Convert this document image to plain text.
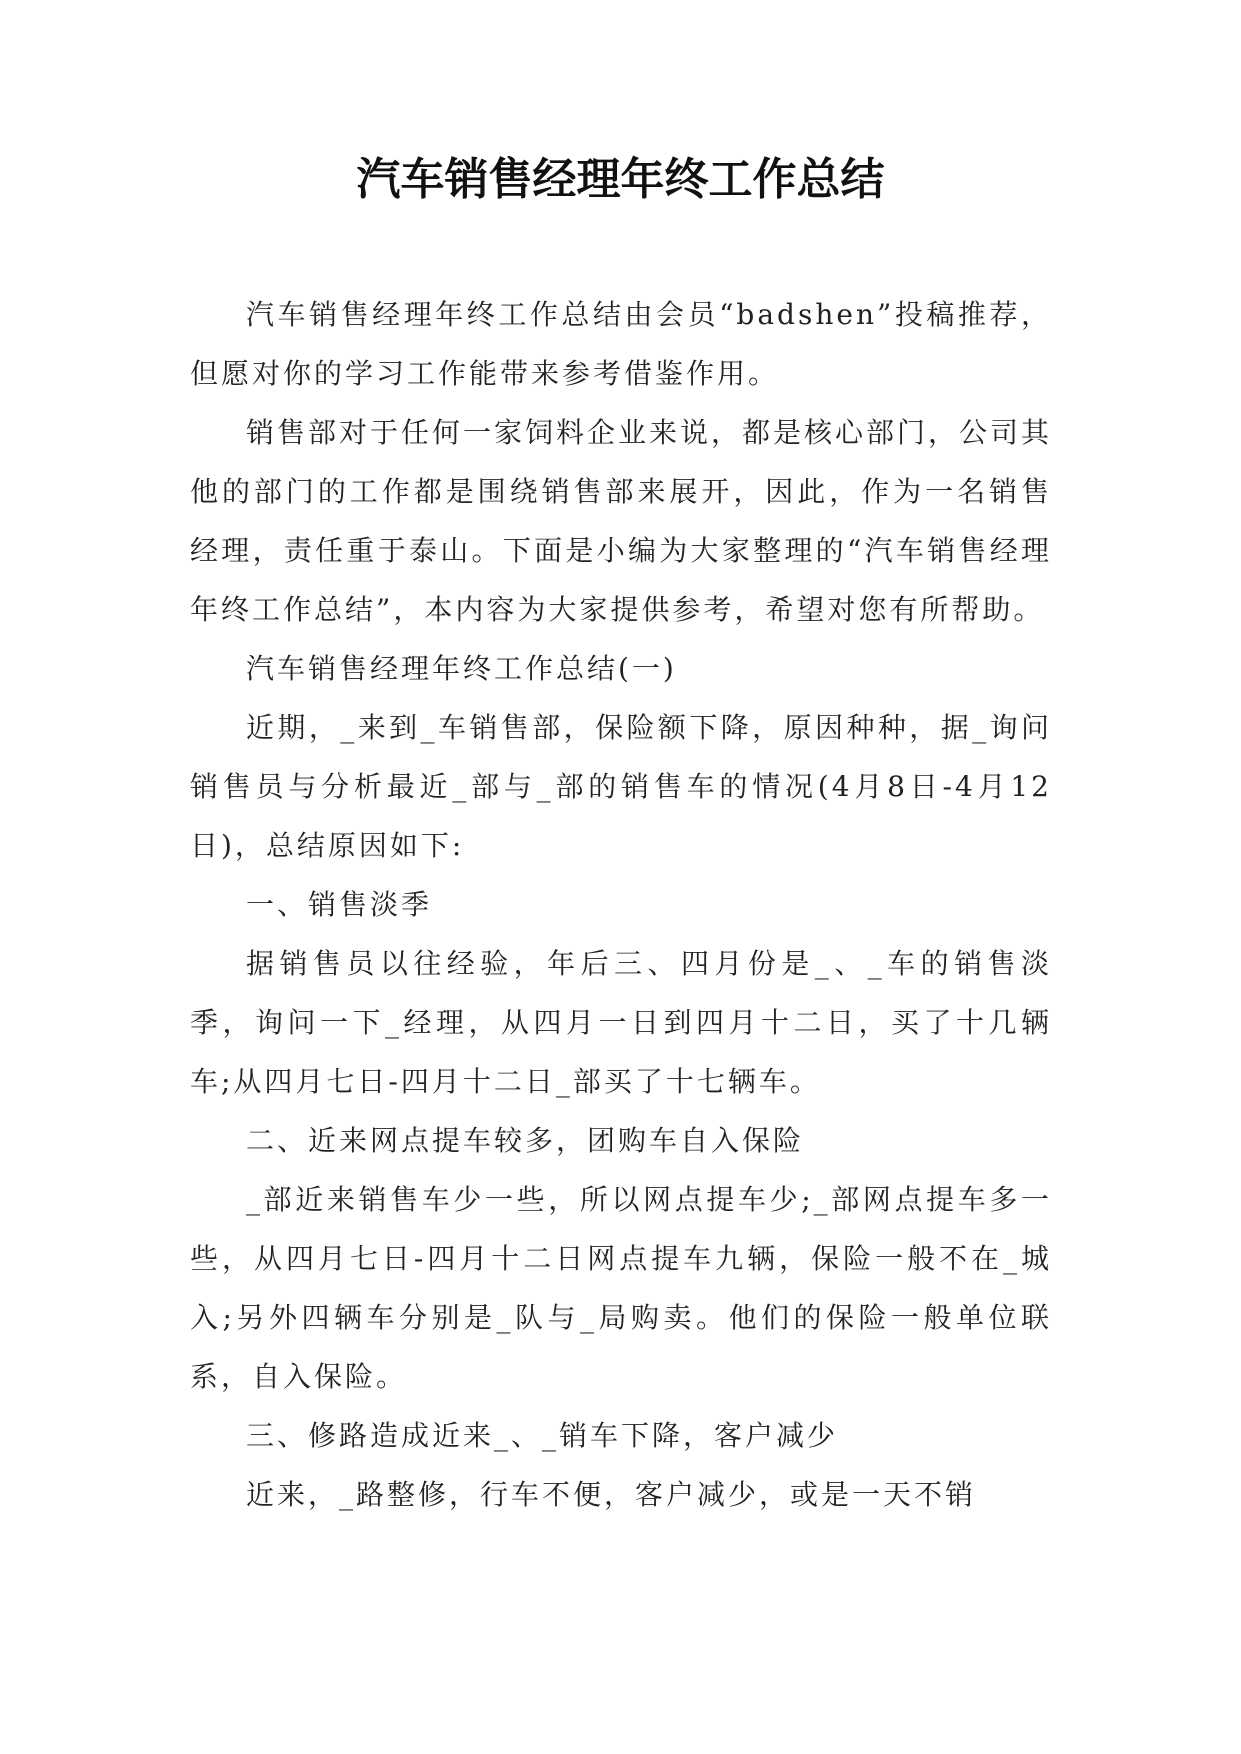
汽车销售经理年终工作总结

汽车销售经理年终工作总结由会员“badshen”投稿推荐，但愿对你的学习工作能带来参考借鉴作用。

销售部对于任何一家饲料企业来说，都是核心部门，公司其他的部门的工作都是围绕销售部来展开，因此，作为一名销售经理，责任重于泰山。下面是小编为大家整理的“汽车销售经理年终工作总结”，本内容为大家提供参考，希望对您有所帮助。

汽车销售经理年终工作总结(一)

近期，_来到_车销售部，保险额下降，原因种种，据_询问销售员与分析最近_部与_部的销售车的情况(4月8日-4月12日)，总结原因如下:

一、销售淡季

据销售员以往经验，年后三、四月份是_、_车的销售淡季，询问一下_经理，从四月一日到四月十二日，买了十几辆车;从四月七日-四月十二日_部买了十七辆车。

二、近来网点提车较多，团购车自入保险

_部近来销售车少一些，所以网点提车少;_部网点提车多一些，从四月七日-四月十二日网点提车九辆，保险一般不在_城入;另外四辆车分别是_队与_局购卖。他们的保险一般单位联系，自入保险。

三、修路造成近来_、_销车下降，客户减少

近来，_路整修，行车不便，客户减少，或是一天不销
